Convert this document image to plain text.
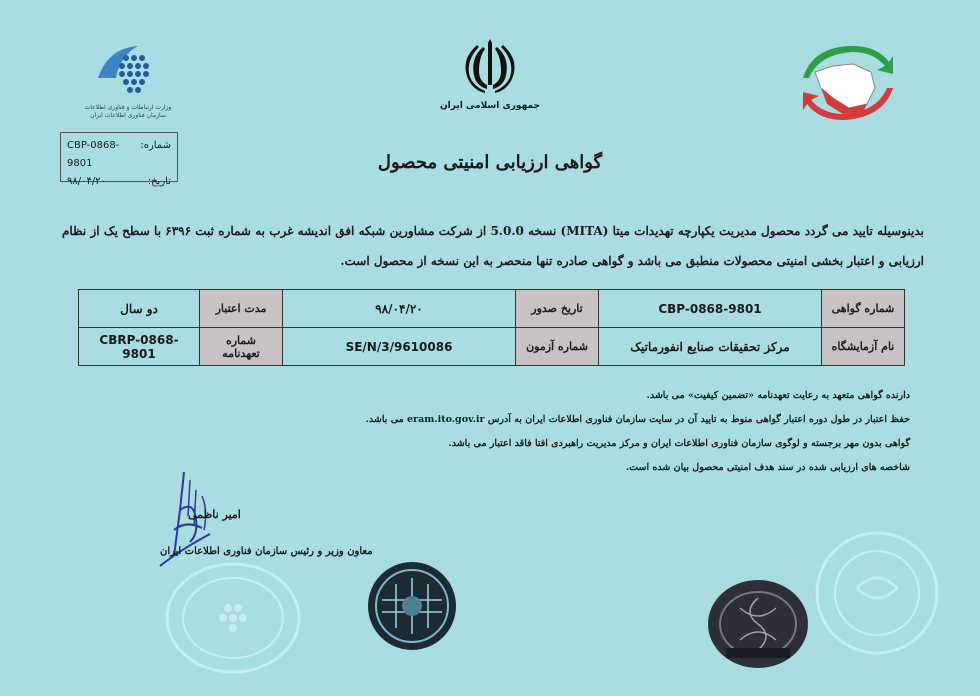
وزارت ارتباطات و فناوری اطلاعات
سازمان فناوری اطلاعات ایران
جمهوری اسلامی ایران
شماره:
CBP-0868-9801
تاریخ:
۹۸/۰۴/۲۰
گواهی ارزیابی امنیتی محصول
بدینوسیله تایید می گردد محصول مدیریت یکپارچه تهدیدات میتا (MITA) نسخه 5.0.0 از شرکت مشاورین شبکه افق اندیشه غرب به شماره ثبت ۶۳۹۶ با سطح یک از نظام ارزیابی و اعتبار بخشی امنیتی محصولات منطبق می باشد و گواهی صادره تنها منحصر به این نسخه از محصول است.
شماره گواهی	CBP-0868-9801	تاریخ صدور	۹۸/۰۴/۲۰	مدت اعتبار	دو سال
نام آزمایشگاه	مرکز تحقیقات صنایع انفورماتیک	شماره آزمون	9610086/SE/N/3	شماره تعهدنامه	CBRP-0868-9801
دارنده گواهی متعهد به رعایت تعهدنامه «تضمین کیفیت» می باشد.
حفظ اعتبار در طول دوره اعتبار گواهی منوط به تایید آن در سایت سازمان فناوری اطلاعات ایران به آدرس eram.ito.gov.ir می باشد.
گواهی بدون مهر برجسته و لوگوی سازمان فناوری اطلاعات ایران و مرکز مدیریت راهبردی افتا فاقد اعتبار می باشد.
شاخصه های ارزیابی شده در سند هدف امنیتی محصول بیان شده است.
امیر ناظمی
معاون وزیر و رئیس سازمان فناوری اطلاعات ایران
